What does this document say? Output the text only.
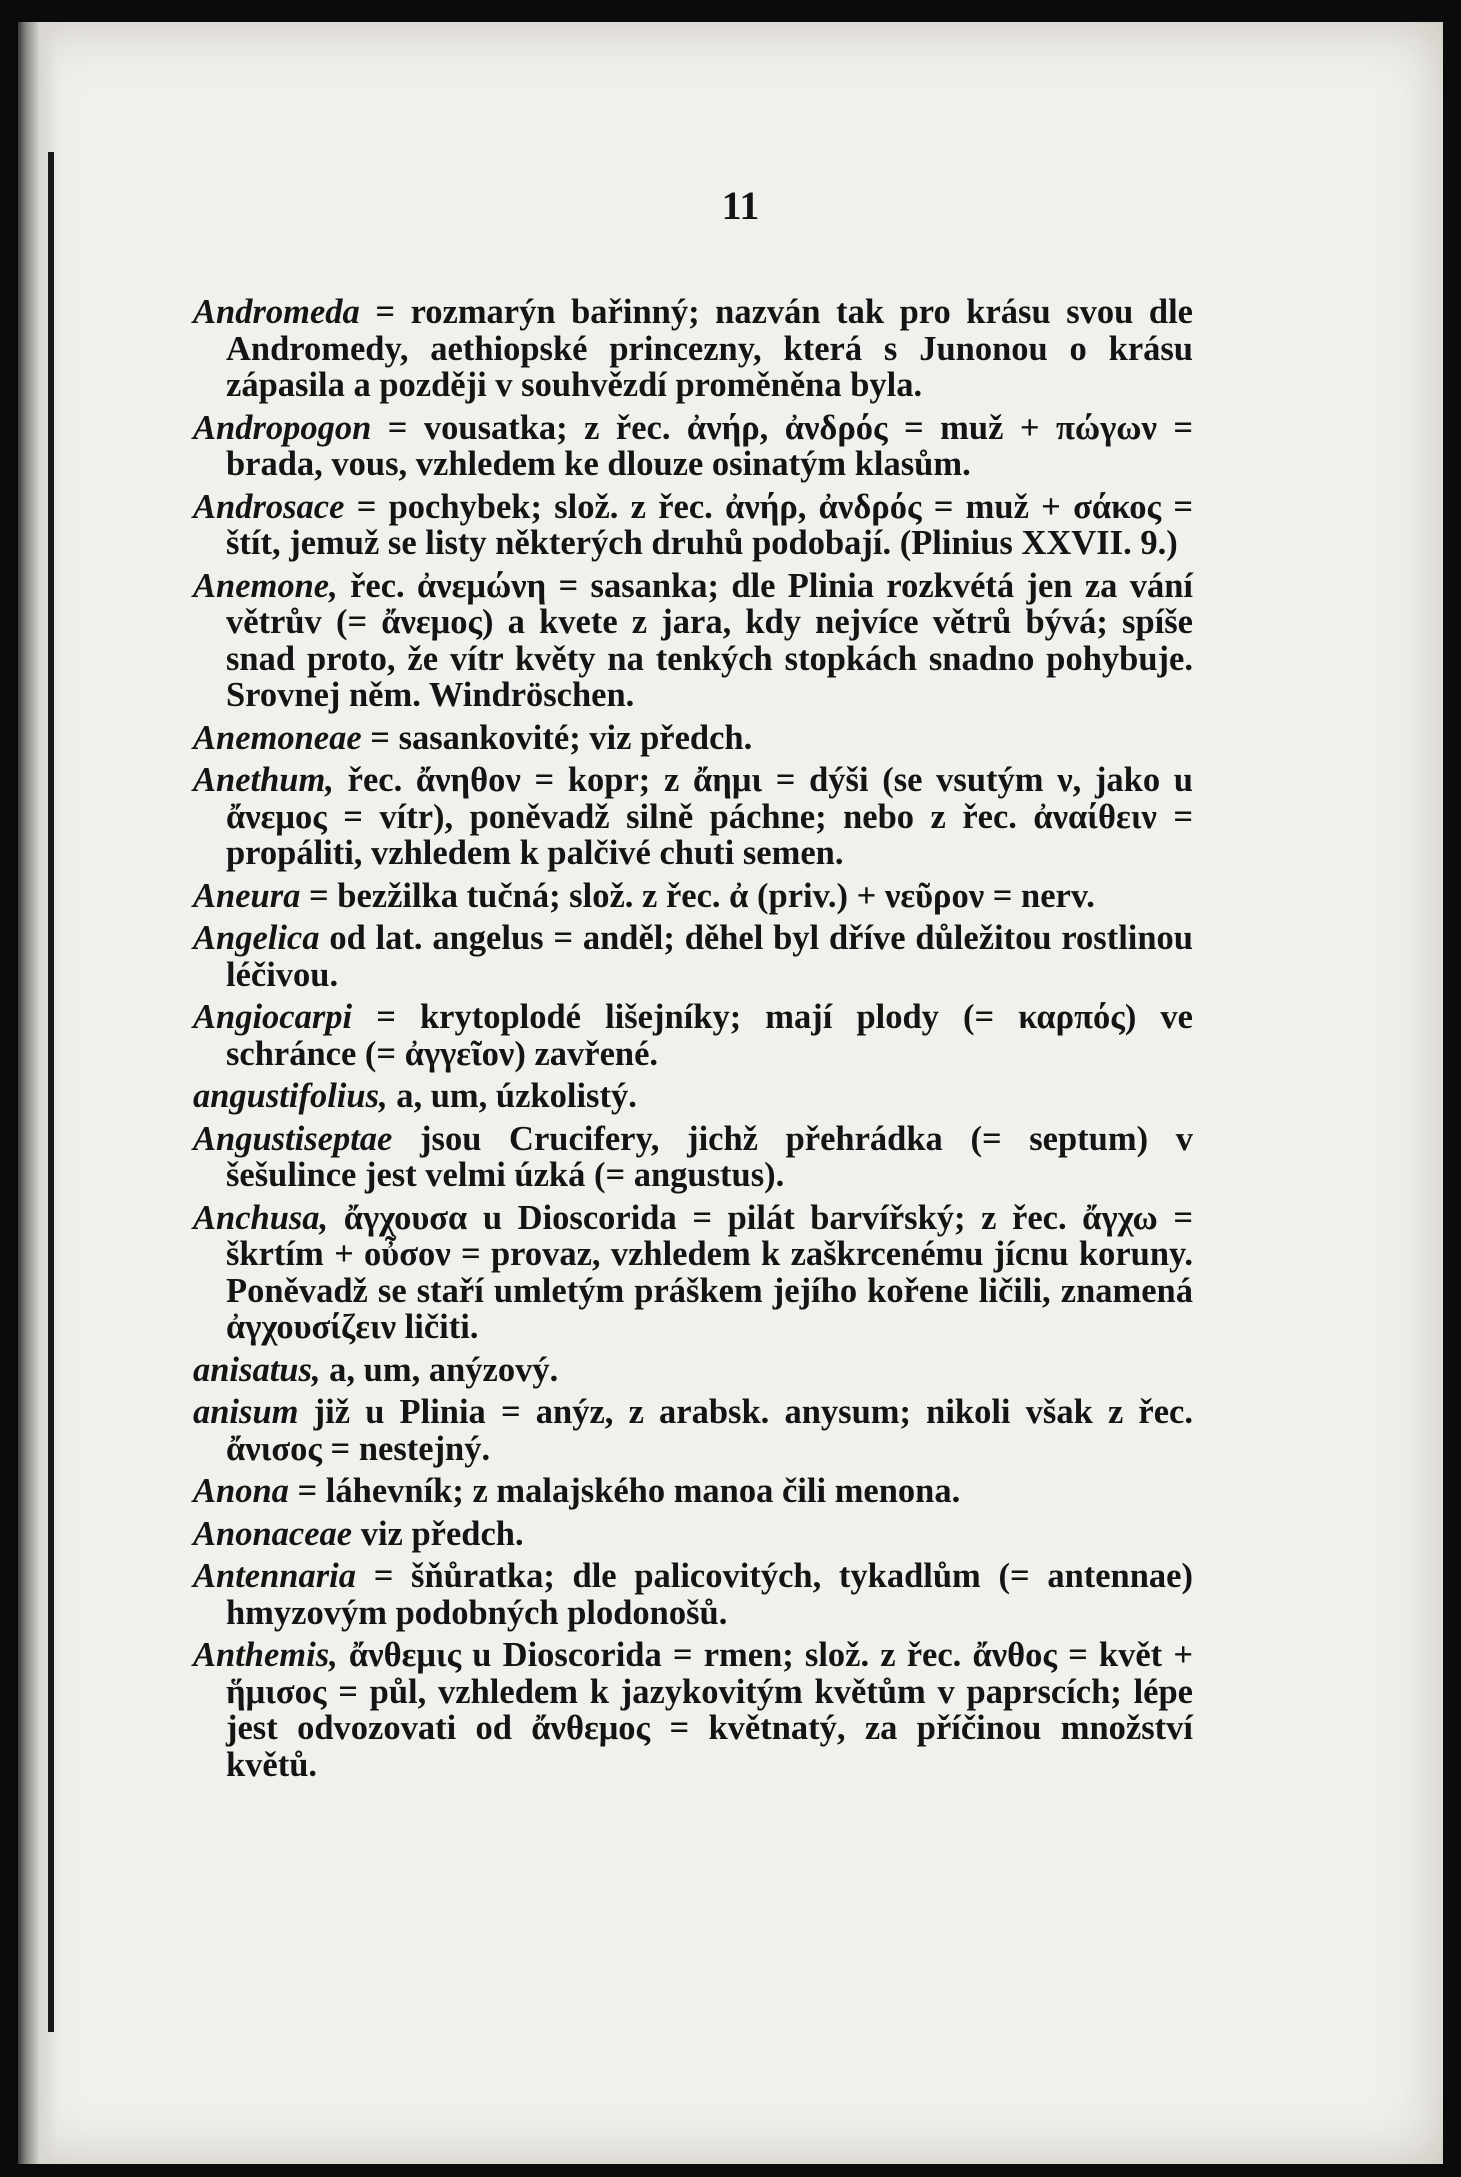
11

Andromeda = rozmarýn bařinný; nazván tak pro krásu svou dle Andromedy, aethiopské princezny, která s Junonou o krásu zápasila a později v souhvězdí proměněna byla.

Andropogon = vousatka; z řec. ἀνήρ, ἀνδρός = muž + πώγων = brada, vous, vzhledem ke dlouze osinatým klasům.

Androsace = pochybek; slož. z řec. ἀνήρ, ἀνδρός = muž + σάκος = štít, jemuž se listy některých druhů podobají. (Plinius XXVII. 9.)

Anemone, řec. ἀνεμώνη = sasanka; dle Plinia rozkvétá jen za vání větrův (= ἄνεμος) a kvete z jara, kdy nejvíce větrů bývá; spíše snad proto, že vítr květy na tenkých stopkách snadno pohybuje. Srovnej něm. Windröschen.

Anemoneae = sasankovité; viz předch.

Anethum, řec. ἄνηθον = kopr; z ἄημι = dýši (se vsutým ν, jako u ἄνεμος = vítr), poněvadž silně páchne; nebo z řec. ἀναίθειν = propáliti, vzhledem k palčivé chuti semen.

Aneura = bezžilka tučná; slož. z řec. ἀ (priv.) + νεῦρον = nerv.

Angelica od lat. angelus = anděl; děhel byl dříve důležitou rostlinou léčivou.

Angiocarpi = krytoplodé lišejníky; mají plody (= καρπός) ve schránce (= ἀγγεῖον) zavřené.

angustifolius, a, um, úzkolistý.

Angustiseptae jsou Crucifery, jichž přehrádka (= septum) v šešulince jest velmi úzká (= angustus).

Anchusa, ἄγχουσα u Dioscorida = pilát barvířský; z řec. ἄγχω = škrtím + οὖσον = provaz, vzhledem k zaškrcenému jícnu koruny. Poněvadž se staří umletým práškem jejího kořene ličili, znamená ἀγχουσίζειν ličiti.

anisatus, a, um, anýzový.

anisum již u Plinia = anýz, z arabsk. anysum; nikoli však z řec. ἄνισος = nestejný.

Anona = láhevník; z malajského manoa čili menona.

Anonaceae viz předch.

Antennaria = šňůratka; dle palicovitých, tykadlům (= antennae) hmyzovým podobných plodonošů.

Anthemis, ἄνθεμις u Dioscorida = rmen; slož. z řec. ἄνθος = květ + ἥμισος = půl, vzhledem k jazykovitým květům v paprscích; lépe jest odvozovati od ἄνθεμος = květnatý, za příčinou množství květů.
